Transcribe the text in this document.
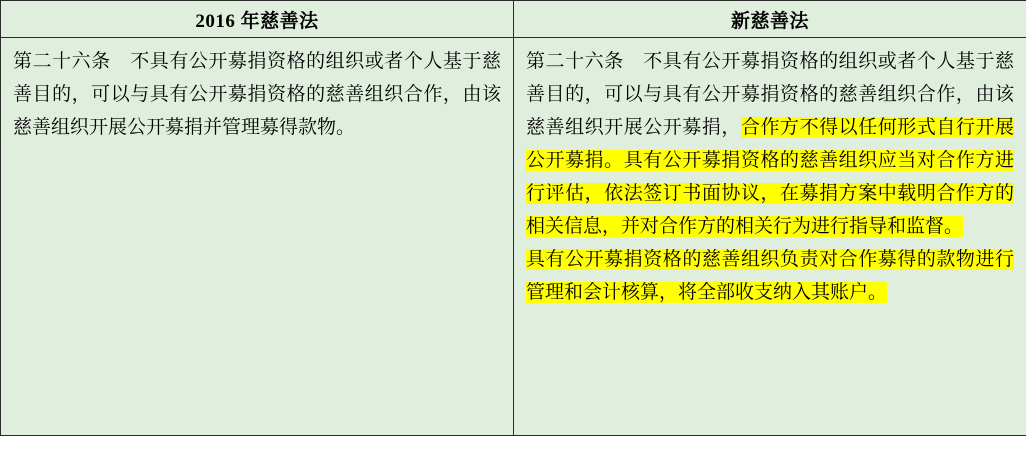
2016 年慈善法	新慈善法

第二十六条　不具有公开募捐资格的组织或者个人基于慈善目的，可以与具有公开募捐资格的慈善组织合作，由该慈善组织开展公开募捐并管理募得款物。	第二十六条　不具有公开募捐资格的组织或者个人基于慈善目的，可以与具有公开募捐资格的慈善组织合作，由该慈善组织开展公开募捐，合作方不得以任何形式自行开展公开募捐。具有公开募捐资格的慈善组织应当对合作方进行评估，依法签订书面协议，在募捐方案中载明合作方的相关信息，并对合作方的相关行为进行指导和监督。

具有公开募捐资格的慈善组织负责对合作募得的款物进行管理和会计核算，将全部收支纳入其账户。
